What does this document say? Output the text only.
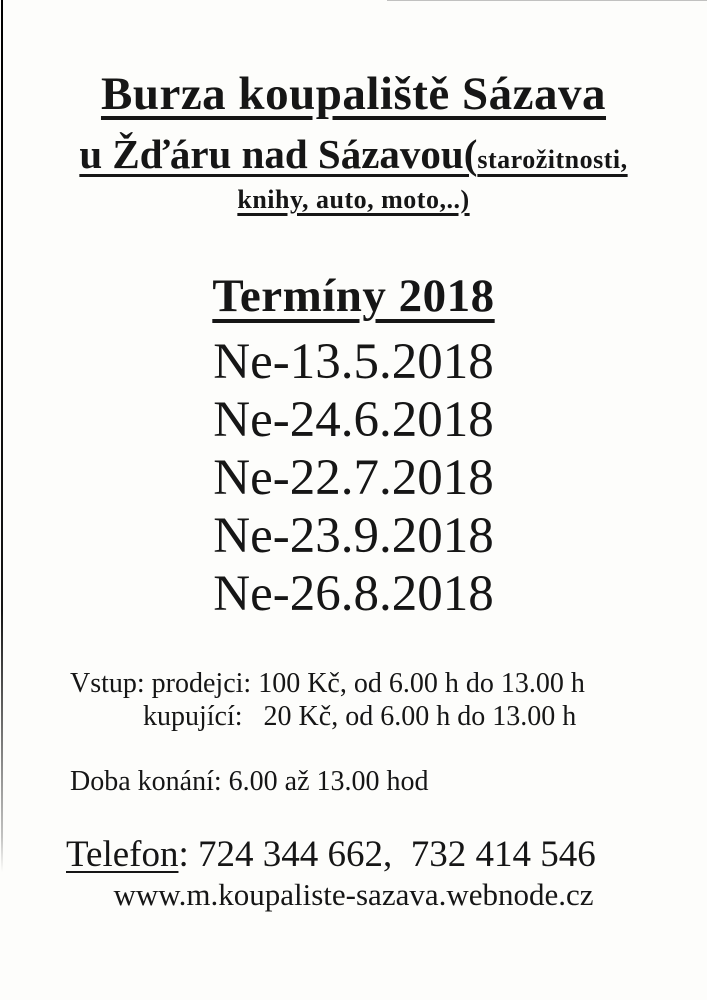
Burza koupaliště Sázava
u Žďáru nad Sázavou(starožitnosti,
knihy, auto, moto,..)
Termíny 2018
Ne-13.5.2018
Ne-24.6.2018
Ne-22.7.2018
Ne-23.9.2018
Ne-26.8.2018
Vstup: prodejci: 100 Kč, od 6.00 h do 13.00 h
kupující:   20 Kč, od 6.00 h do 13.00 h
Doba konání: 6.00 až 13.00 hod
Telefon: 724 344 662,  732 414 546
www.m.koupaliste-sazava.webnode.cz
